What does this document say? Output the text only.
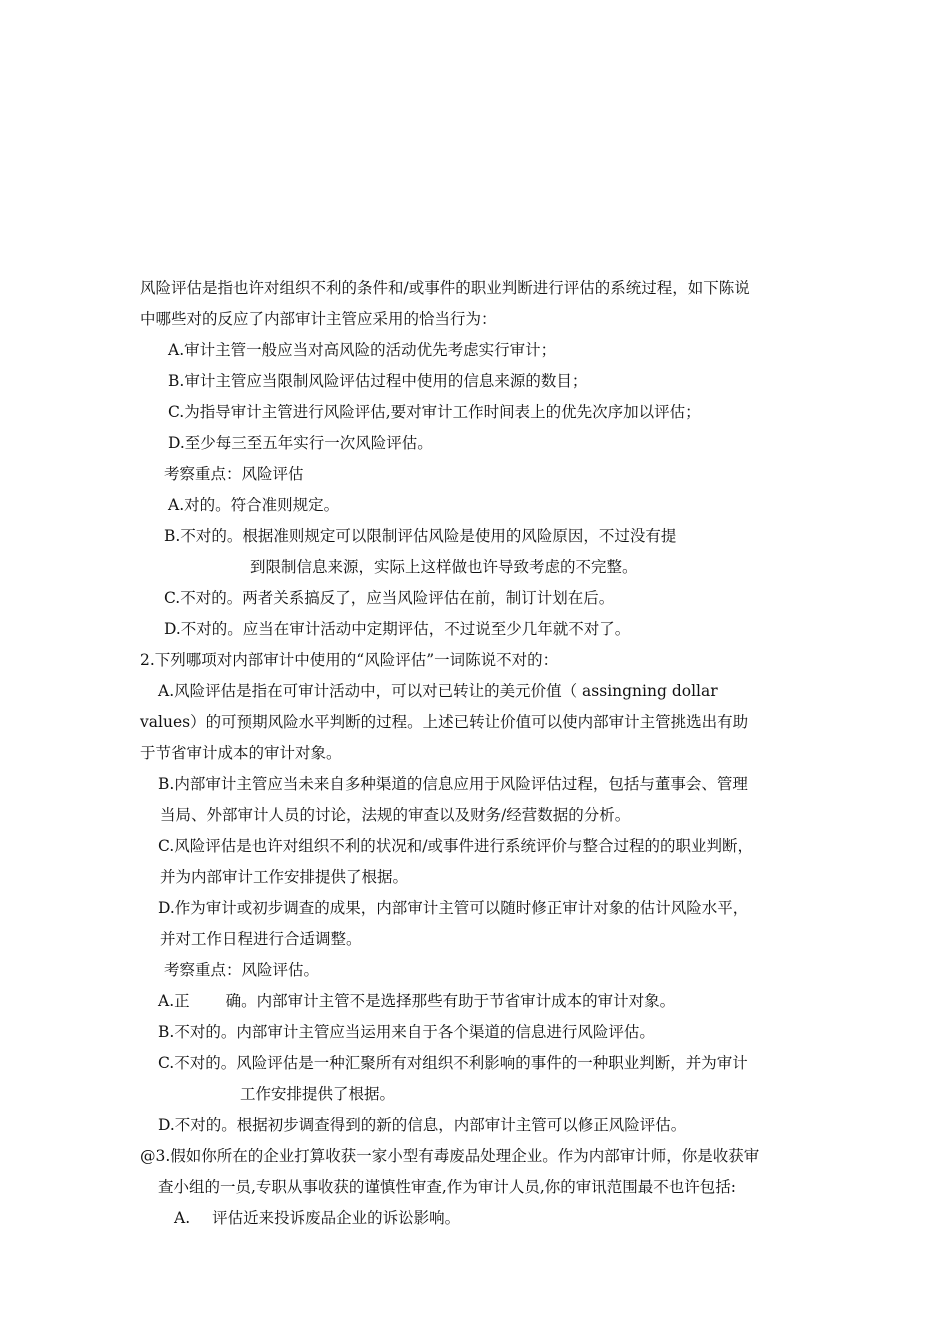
风险评估是指也许对组织不利的条件和/或事件的职业判断进行评估的系统过程，如下陈说
中哪些对的反应了内部审计主管应采用的恰当行为：
A.审计主管一般应当对高风险的活动优先考虑实行审计；
B.审计主管应当限制风险评估过程中使用的信息来源的数目；
C.为指导审计主管进行风险评估,要对审计工作时间表上的优先次序加以评估；
D.至少每三至五年实行一次风险评估。
考察重点：风险评估
A.对的。符合准则规定。
B.不对的。根据准则规定可以限制评估风险是使用的风险原因，不过没有提
到限制信息来源，实际上这样做也许导致考虑的不完整。
C.不对的。两者关系搞反了，应当风险评估在前，制订计划在后。
D.不对的。应当在审计活动中定期评估，不过说至少几年就不对了。
2.下列哪项对内部审计中使用的“风险评估”一词陈说不对的：
A.风险评估是指在可审计活动中，可以对已转让的美元价值（ assingning dollar
values）的可预期风险水平判断的过程。上述已转让价值可以使内部审计主管挑选出有助
于节省审计成本的审计对象。
B.内部审计主管应当未来自多种渠道的信息应用于风险评估过程，包括与董事会、管理
当局、外部审计人员的讨论，法规的审查以及财务/经营数据的分析。
C.风险评估是也许对组织不利的状况和/或事件进行系统评价与整合过程的的职业判断，
并为内部审计工作安排提供了根据。
D.作为审计或初步调查的成果，内部审计主管可以随时修正审计对象的估计风险水平，
并对工作日程进行合适调整。
考察重点：风险评估。
A.正 确。内部审计主管不是选择那些有助于节省审计成本的审计对象。
B.不对的。内部审计主管应当运用来自于各个渠道的信息进行风险评估。
C.不对的。风险评估是一种汇聚所有对组织不利影响的事件的一种职业判断，并为审计
工作安排提供了根据。
D.不对的。根据初步调查得到的新的信息，内部审计主管可以修正风险评估。
@3.假如你所在的企业打算收获一家小型有毒废品处理企业。作为内部审计师，你是收获审
查小组的一员,专职从事收获的谨慎性审查,作为审计人员,你的审讯范围最不也许包括:
A. 评估近来投诉废品企业的诉讼影响。
